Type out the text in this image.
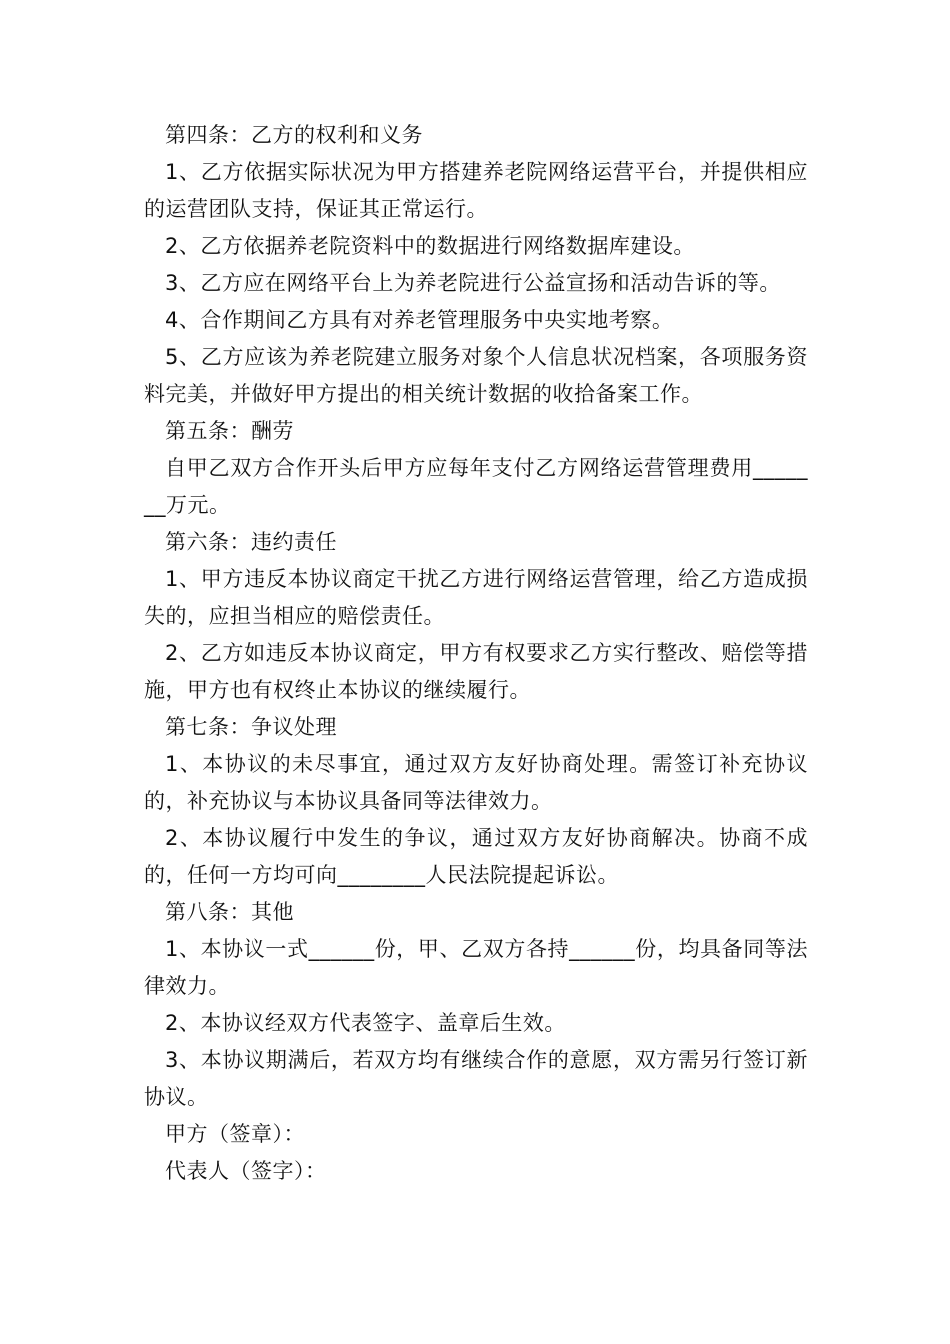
第四条：乙方的权利和义务

1、乙方依据实际状况为甲方搭建养老院网络运营平台，并提供相应的运营团队支持，保证其正常运行。

2、乙方依据养老院资料中的数据进行网络数据库建设。

3、乙方应在网络平台上为养老院进行公益宣扬和活动告诉的等。

4、合作期间乙方具有对养老管理服务中央实地考察。

5、乙方应该为养老院建立服务对象个人信息状况档案，各项服务资料完美，并做好甲方提出的相关统计数据的收拾备案工作。

第五条：酬劳

自甲乙双方合作开头后甲方应每年支付乙方网络运营管理费用_______万元。

第六条：违约责任

1、甲方违反本协议商定干扰乙方进行网络运营管理，给乙方造成损失的，应担当相应的赔偿责任。

2、乙方如违反本协议商定，甲方有权要求乙方实行整改、赔偿等措施，甲方也有权终止本协议的继续履行。

第七条：争议处理

1、本协议的未尽事宜，通过双方友好协商处理。需签订补充协议的，补充协议与本协议具备同等法律效力。

2、本协议履行中发生的争议，通过双方友好协商解决。协商不成的，任何一方均可向________人民法院提起诉讼。

第八条：其他

1、本协议一式______份，甲、乙双方各持______份，均具备同等法律效力。

2、本协议经双方代表签字、盖章后生效。

3、本协议期满后，若双方均有继续合作的意愿，双方需另行签订新协议。

甲方（签章）：

代表人（签字）：
